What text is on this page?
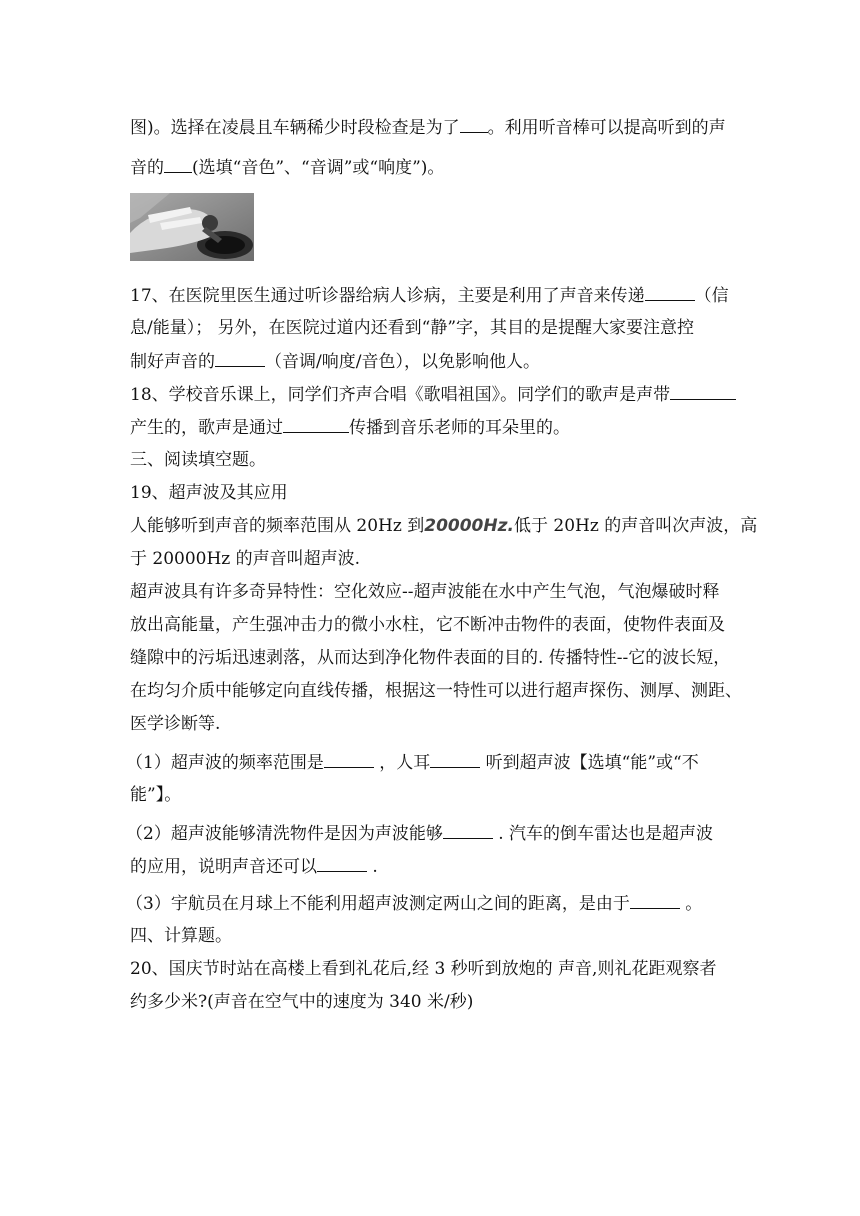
图)。选择在凌晨且车辆稀少时段检查是为了 。利用听音棒可以提高听到的声
音的 (选填“音色”、“音调”或“响度”)。
17、在医院里医生通过听诊器给病人诊病，主要是利用了声音来传递	（信
息/能量）； 另外，在医院过道内还看到“静”字，其目的是提醒大家要注意控
制好声音的	（音调/响度/音色），以免影响他人。
18、学校音乐课上，同学们齐声合唱《歌唱祖国》。同学们的歌声是声带
产生的，歌声是通过	传播到音乐老师的耳朵里的。
三、阅读填空题。
19、超声波及其应用
人能够听到声音的频率范围从 20Hz 到20000Hz.低于 20Hz 的声音叫次声波，高
于 20000Hz 的声音叫超声波.
超声波具有许多奇异特性：空化效应--超声波能在水中产生气泡，气泡爆破时释
放出高能量，产生强冲击力的微小水柱，它不断冲击物件的表面，使物件表面及
缝隙中的污垢迅速剥落，从而达到净化物件表面的目的. 传播特性--它的波长短，
在均匀介质中能够定向直线传播，根据这一特性可以进行超声探伤、测厚、测距、
医学诊断等.
（1）超声波的频率范围是	，人耳	听到超声波【选填“能”或“不
能”】。
（2）超声波能够清洗物件是因为声波能够	. 汽车的倒车雷达也是超声波
的应用，说明声音还可以	.
（3）宇航员在月球上不能利用超声波测定两山之间的距离，是由于	。
四、计算题。
20、国庆节时站在高楼上看到礼花后,经 3 秒听到放炮的 声音,则礼花距观察者
约多少米?(声音在空气中的速度为 340 米/秒)
